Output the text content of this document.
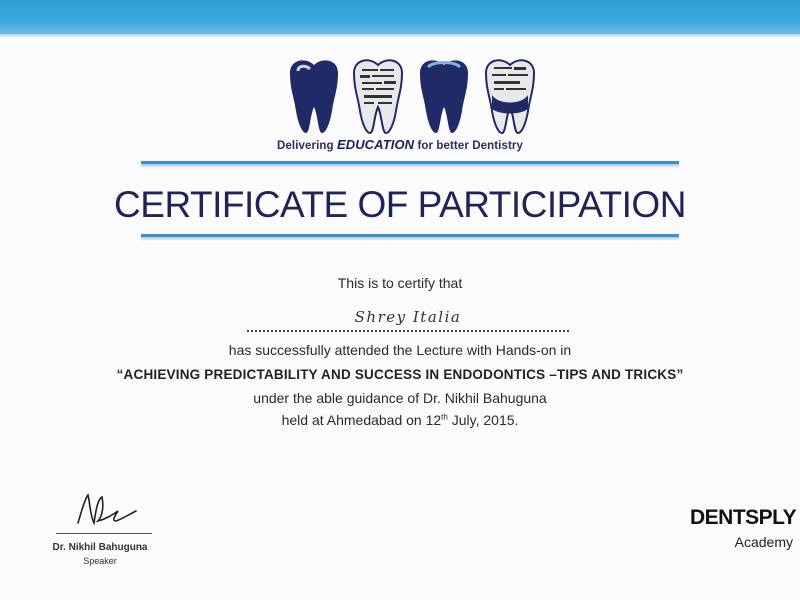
Delivering EDUCATION for better Dentistry
CERTIFICATE OF PARTICIPATION
This is to certify that
Shrey Italia
has successfully attended the Lecture with Hands-on in
“ACHIEVING PREDICTABILITY AND SUCCESS IN ENDODONTICS –TIPS AND TRICKS”
under the able guidance of Dr. Nikhil Bahuguna
held at Ahmedabad on 12th July, 2015.
Dr. Nikhil Bahuguna
Speaker
DENTSPLY
Academy
